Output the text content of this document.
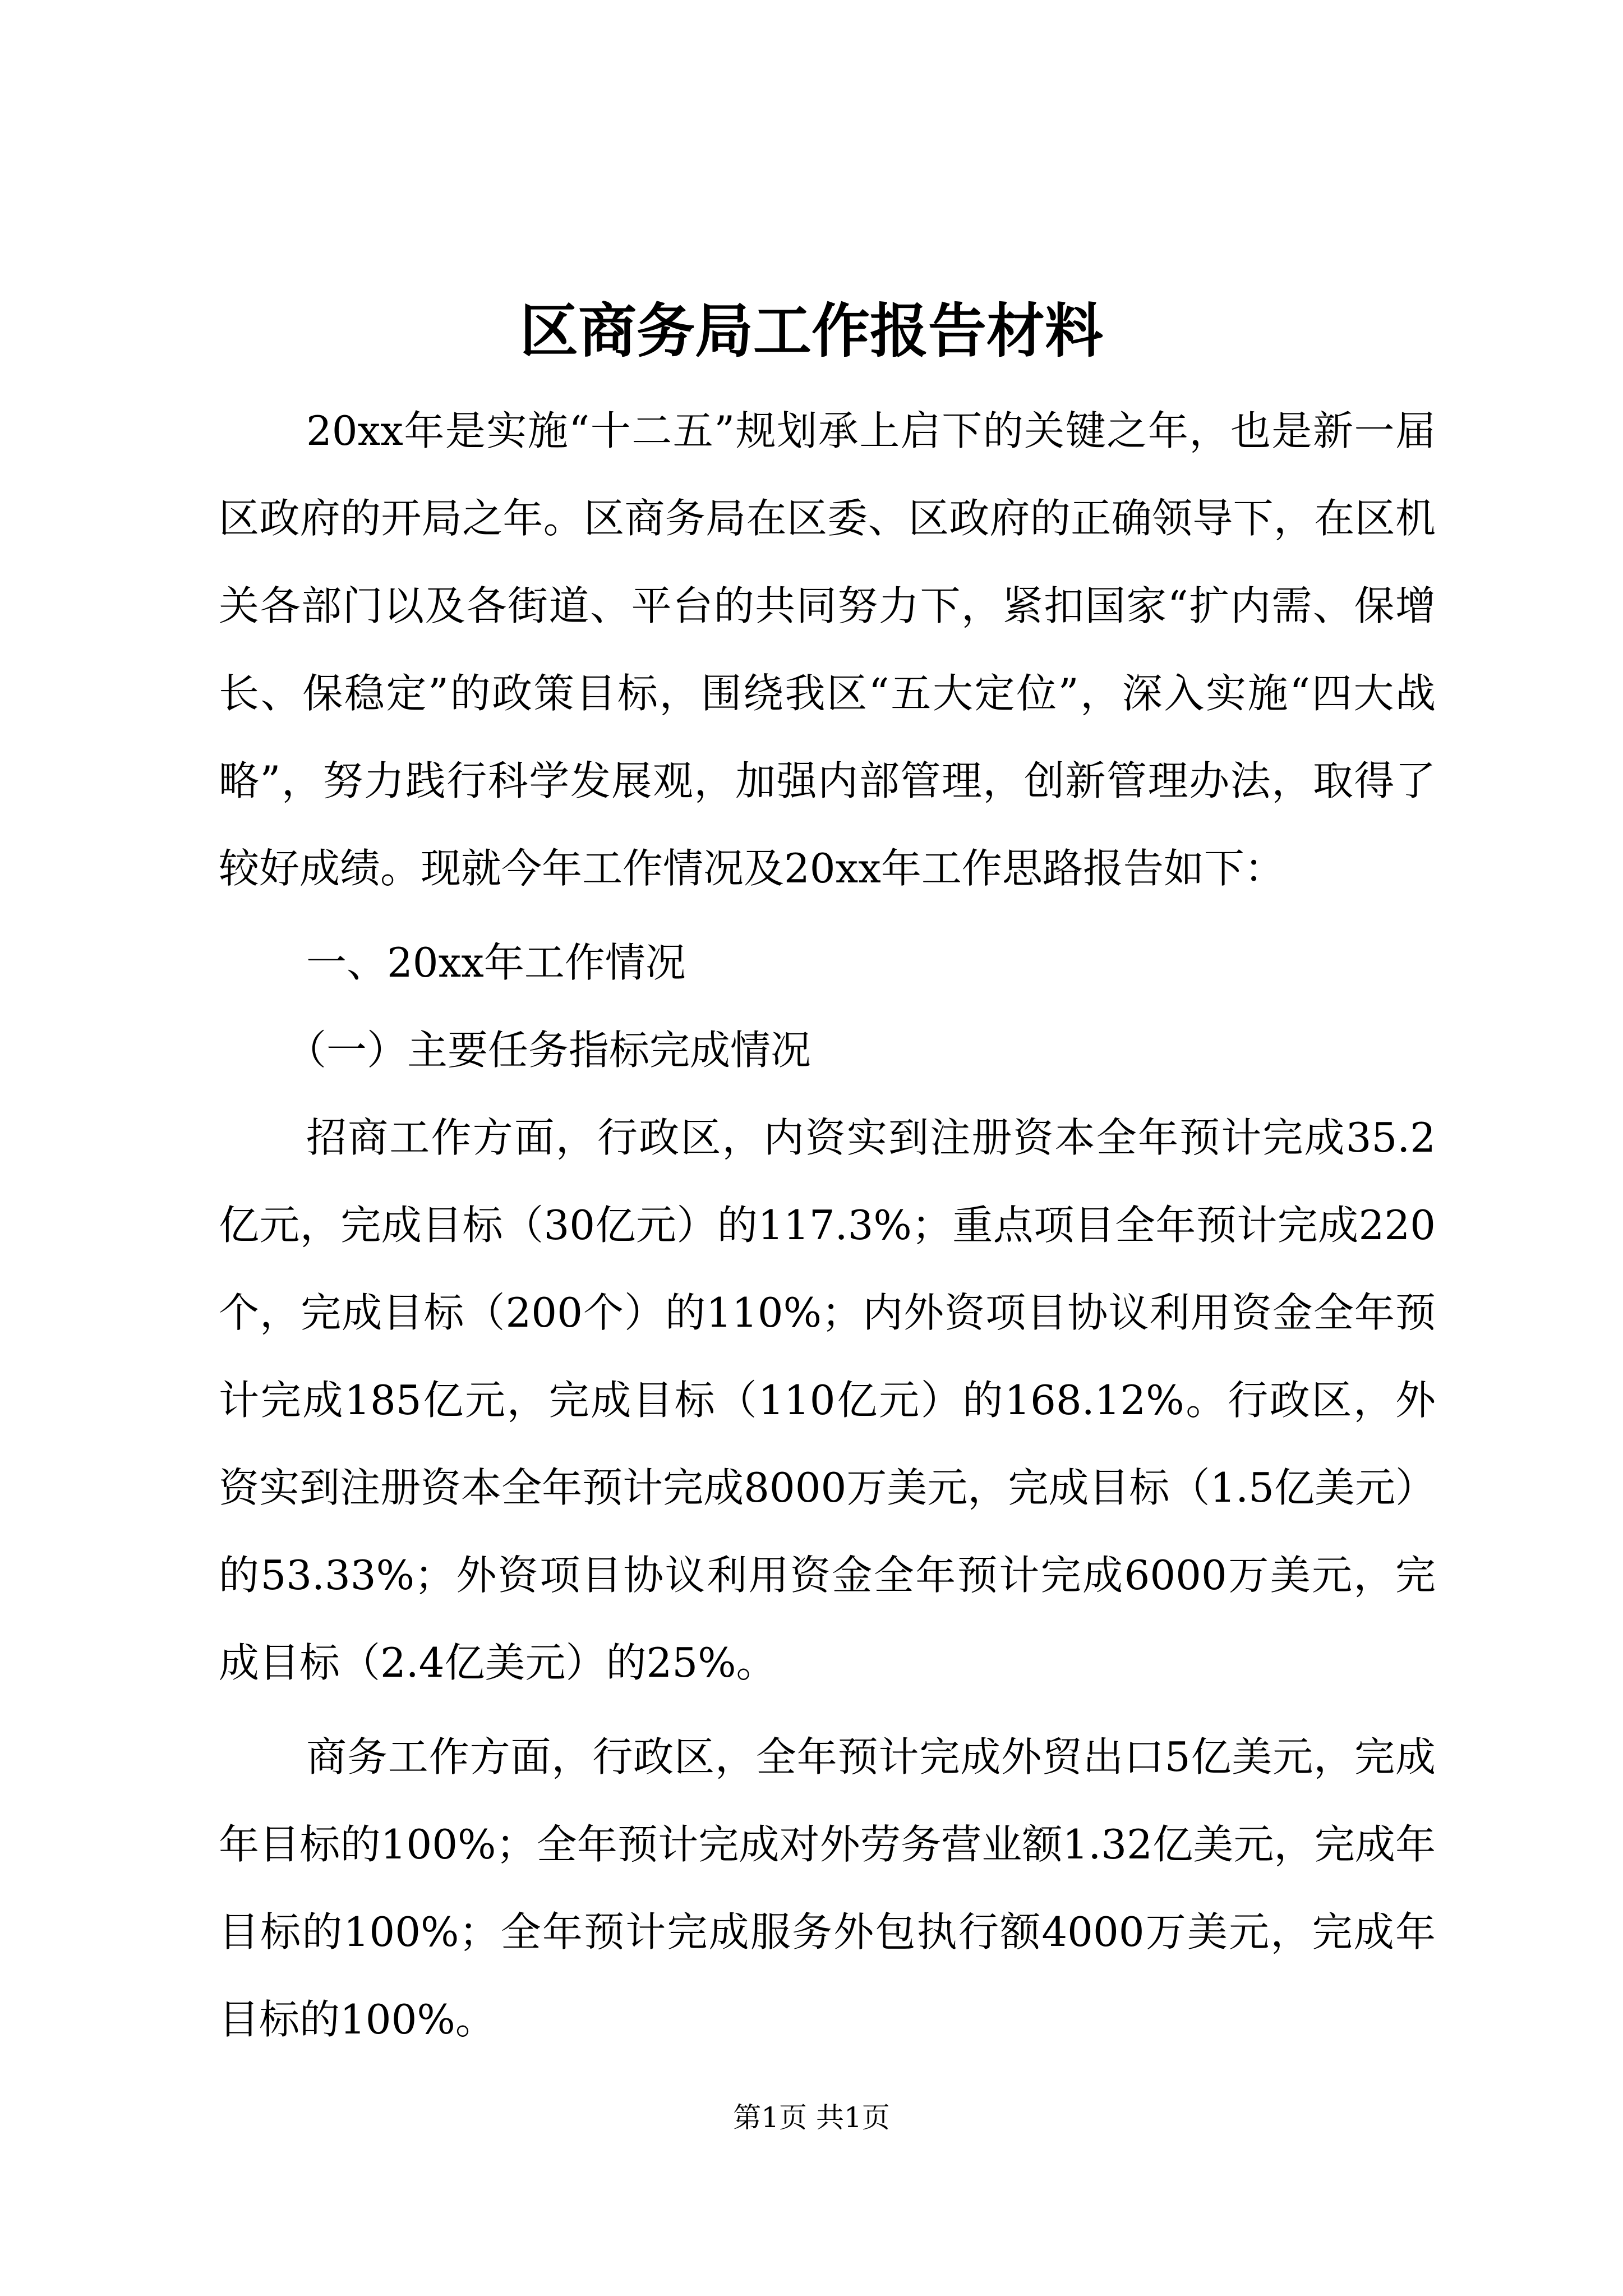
区商务局工作报告材料

20xx年是实施“十二五”规划承上启下的关键之年，也是新一届区政府的开局之年。区商务局在区委、区政府的正确领导下，在区机关各部门以及各街道、平台的共同努力下，紧扣国家“扩内需、保增长、保稳定”的政策目标，围绕我区“五大定位”，深入实施“四大战略”，努力践行科学发展观，加强内部管理，创新管理办法，取得了较好成绩。现就今年工作情况及20xx年工作思路报告如下：

一、20xx年工作情况

（一）主要任务指标完成情况

招商工作方面，行政区，内资实到注册资本全年预计完成35.2亿元，完成目标（30亿元）的117.3%；重点项目全年预计完成220个，完成目标（200个）的110%；内外资项目协议利用资金全年预计完成185亿元，完成目标（110亿元）的168.12%。行政区，外资实到注册资本全年预计完成8000万美元，完成目标（1.5亿美元）的53.33%；外资项目协议利用资金全年预计完成6000万美元，完成目标（2.4亿美元）的25%。

商务工作方面，行政区，全年预计完成外贸出口5亿美元，完成年目标的100%；全年预计完成对外劳务营业额1.32亿美元，完成年目标的100%；全年预计完成服务外包执行额4000万美元，完成年目标的100%。

第1页 共1页
